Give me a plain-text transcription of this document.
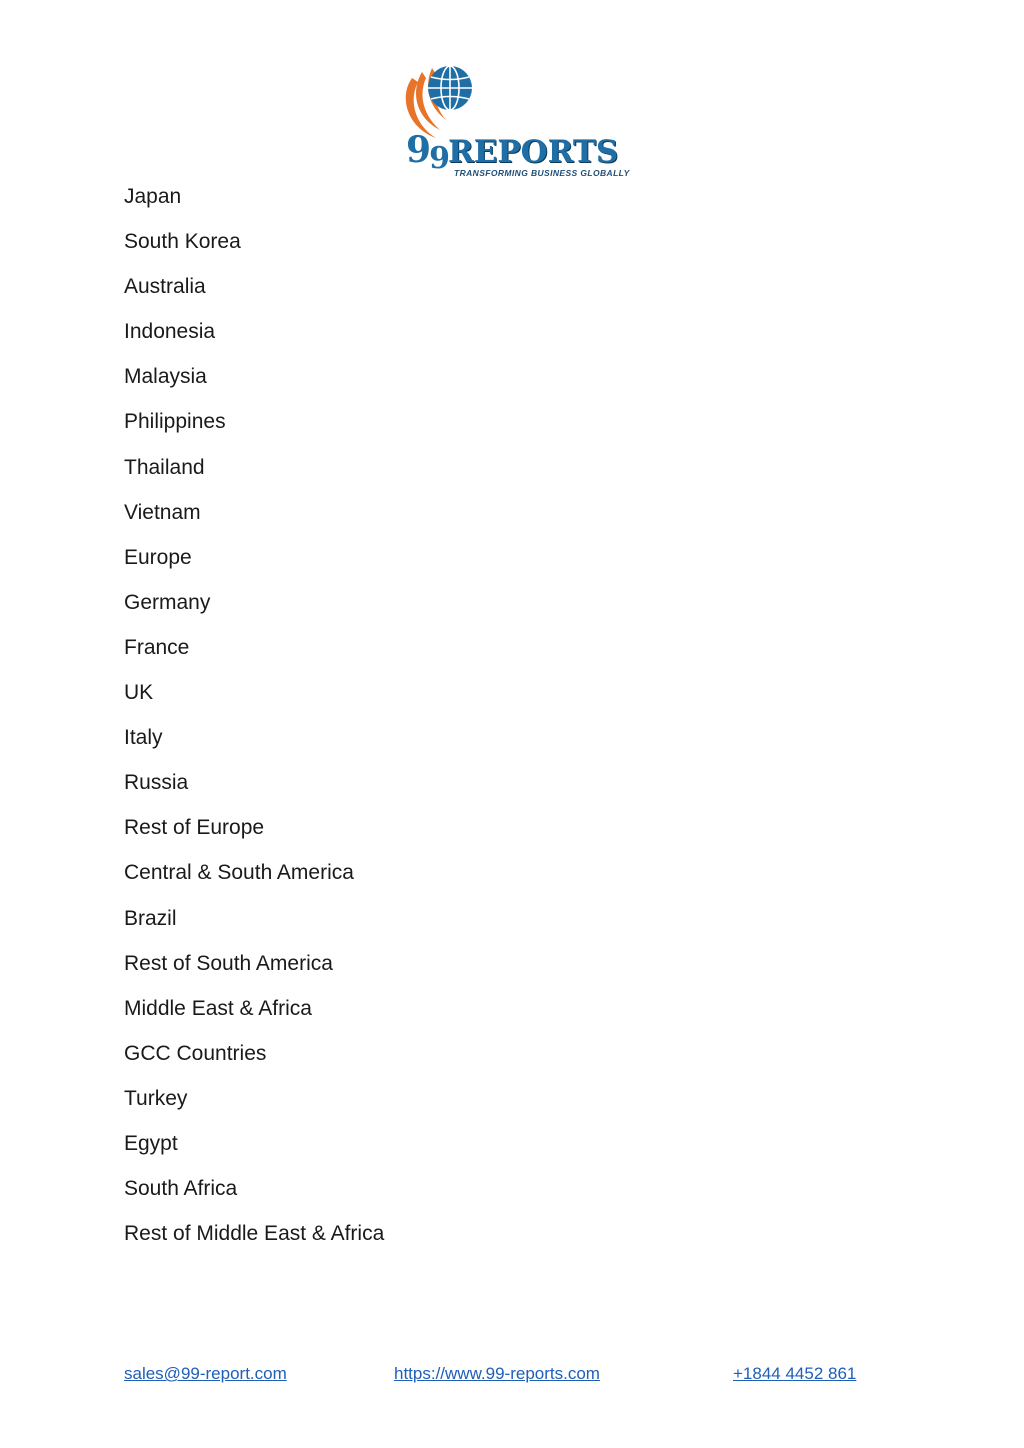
99REPORTS
TRANSFORMING BUSINESS GLOBALLY
Japan
South Korea
Australia
Indonesia
Malaysia
Philippines
Thailand
Vietnam
Europe
Germany
France
UK
Italy
Russia
Rest of Europe
Central & South America
Brazil
Rest of South America
Middle East & Africa
GCC Countries
Turkey
Egypt
South Africa
Rest of Middle East & Africa
sales@99-report.com	https://www.99-reports.com	+1844 4452 861
